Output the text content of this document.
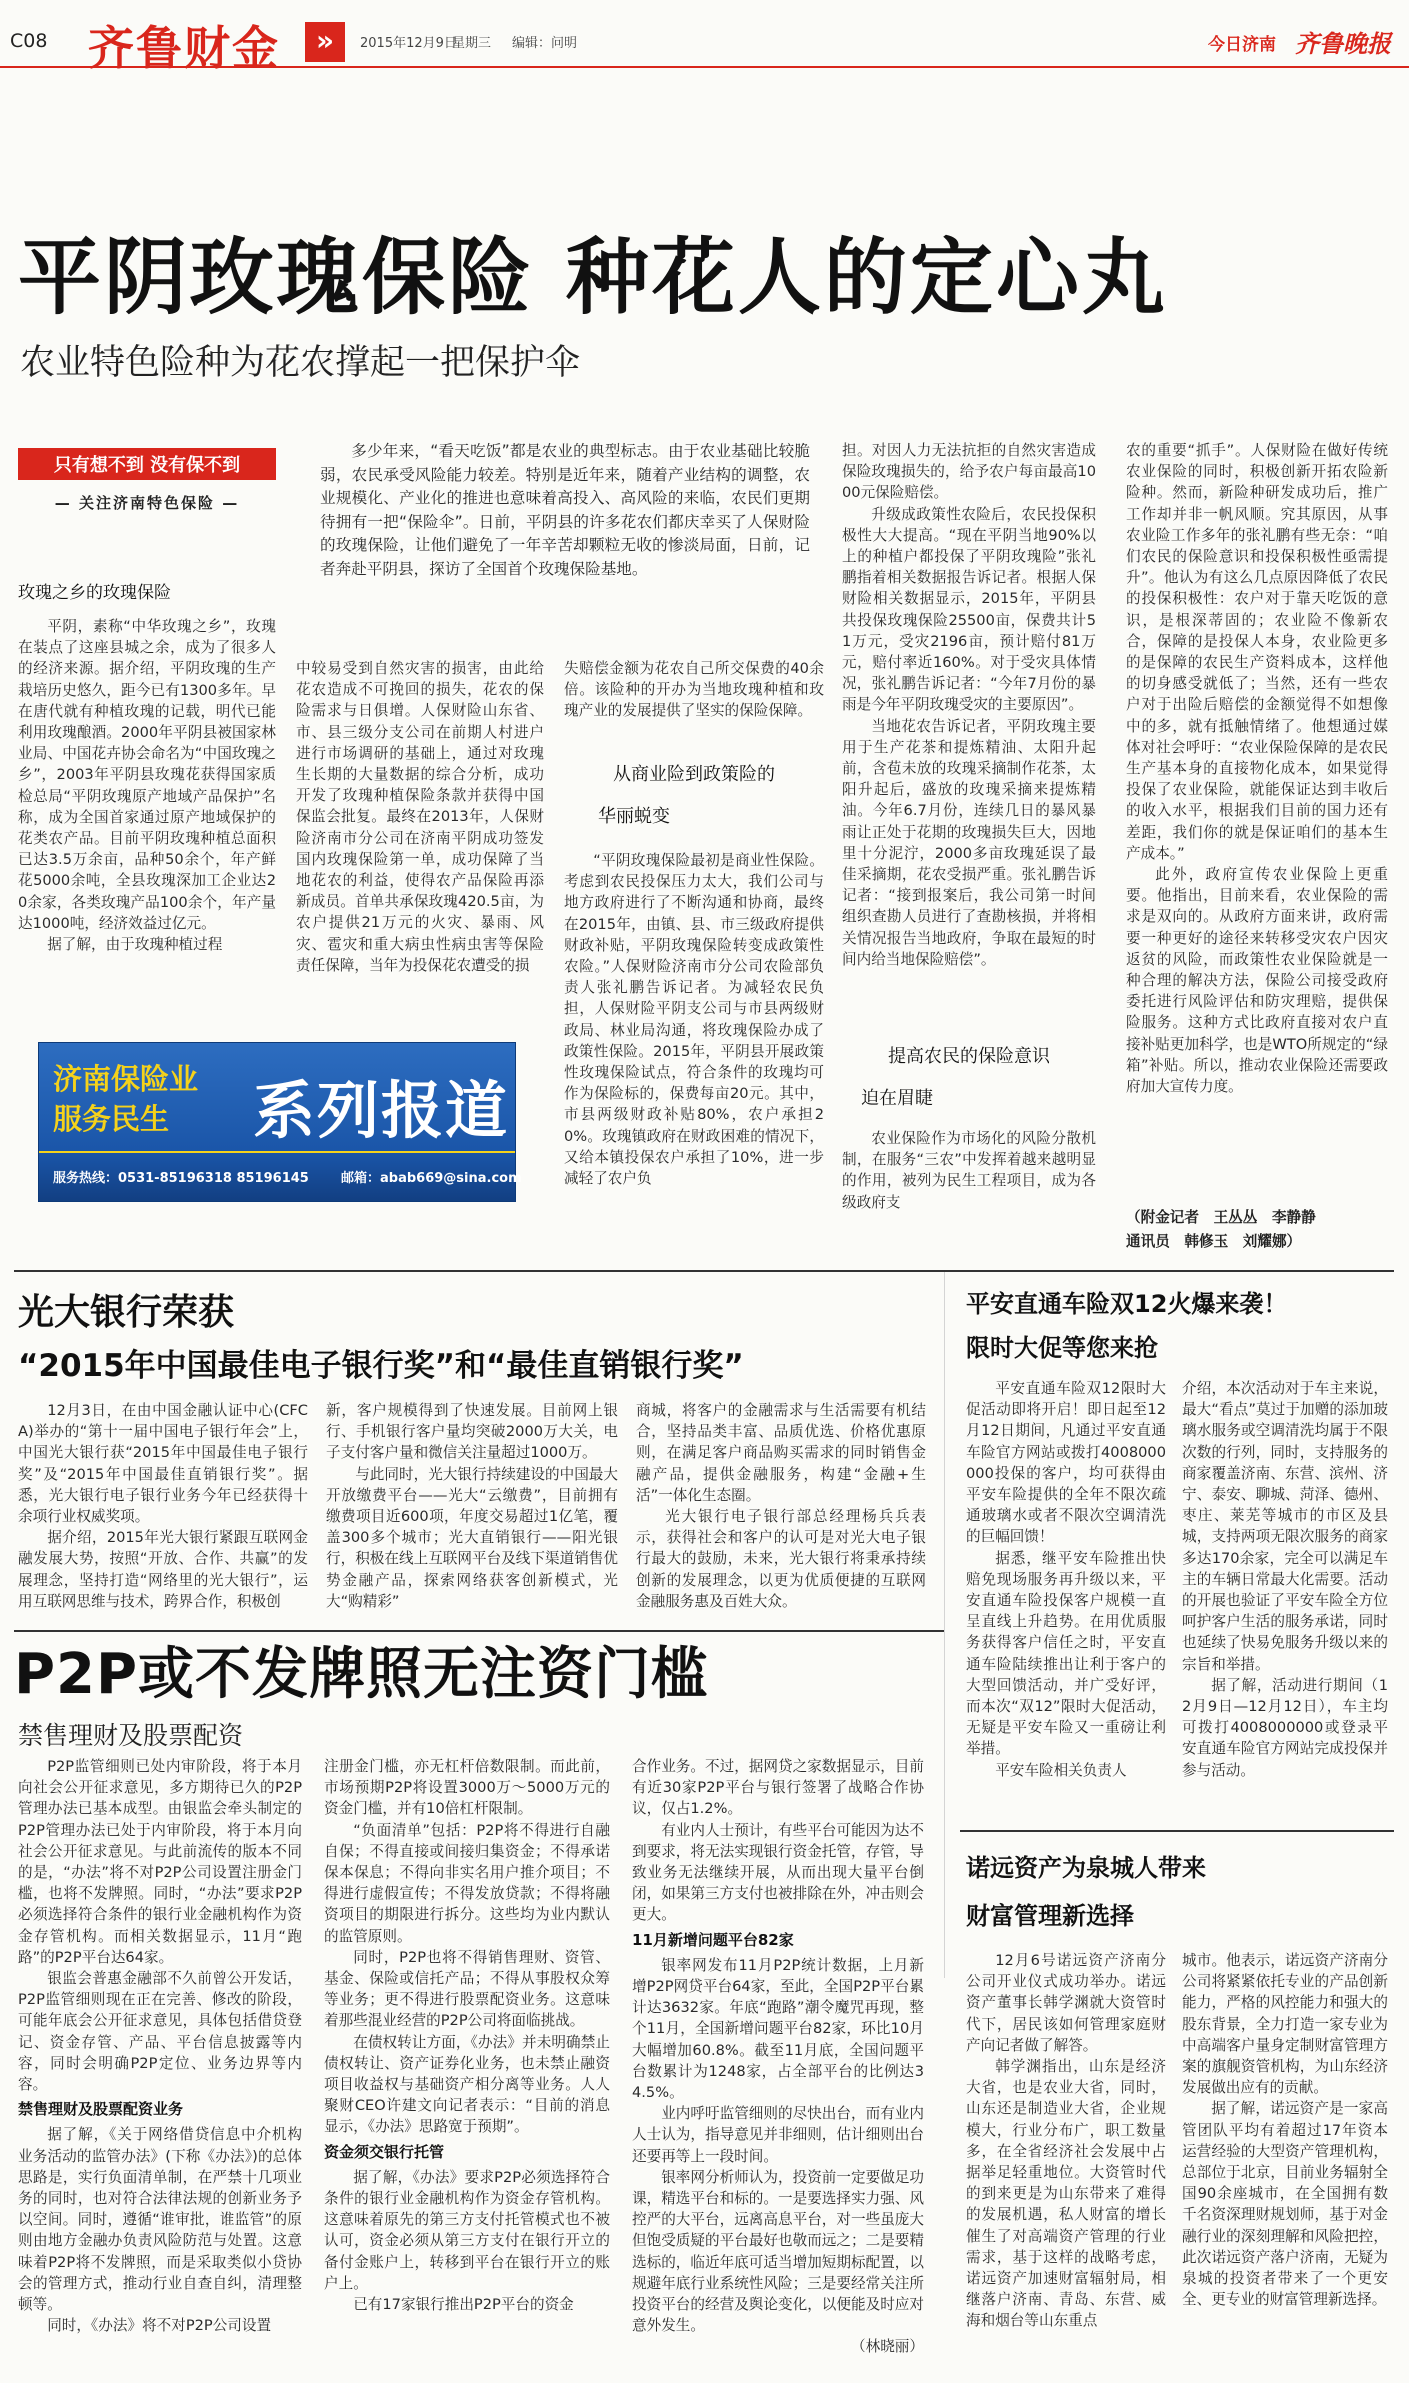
C08 齐鲁财金	»	2015年12月9日
星期三 编辑：问明	今日济南 齐鲁晚报
平阴玫瑰保险 种花人的定心丸
农业特色险种为花农撑起一把保护伞
只有想不到 没有保不到
— 关注济南特色保险 —

多少年来，“看天吃饭”都是农业的典型标志。由于农业基础比较脆弱，农民承受风险能力较差。特别是近年来，随着产业结构的调整，农业规模化、产业化的推进也意味着高投入、高风险的来临，农民们更期待拥有一把“保险伞”。日前，平阴县的许多花农们都庆幸买了人保财险的玫瑰保险，让他们避免了一年辛苦却颗粒无收的惨淡局面，日前，记者奔赴平阴县，探访了全国首个玫瑰保险基地。

玫瑰之乡的玫瑰保险

平阴，素称“中华玫瑰之乡”，玫瑰在装点了这座县城之余，成为了很多人的经济来源。据介绍，平阴玫瑰的生产栽培历史悠久，距今已有1300多年。早在唐代就有种植玫瑰的记载，明代已能利用玫瑰酿酒。2000年平阴县被国家林业局、中国花卉协会命名为“中国玫瑰之乡”，2003年平阴县玫瑰花获得国家质检总局“平阴玫瑰原产地域产品保护”名称，成为全国首家通过原产地域保护的花类农产品。目前平阴玫瑰种植总面积已达3.5万余亩，品种50余个，年产鲜花5000余吨，全县玫瑰深加工企业达20余家，各类玫瑰产品100余个，年产量达1000吨，经济效益过亿元。

据了解，由于玫瑰种植过程

中较易受到自然灾害的损害，由此给花农造成不可挽回的损失，花农的保险需求与日俱增。人保财险山东省、市、县三级分支公司在前期人村进户进行市场调研的基础上，通过对玫瑰生长期的大量数据的综合分析，成功开发了玫瑰种植保险条款并获得中国保监会批复。最终在2013年，人保财险济南市分公司在济南平阴成功签发国内玫瑰保险第一单，成功保障了当地花农的利益，使得农产品保险再添新成员。首单共承保玫瑰420.5亩，为农户提供21万元的火灾、暴雨、风灾、雹灾和重大病虫性病虫害等保险责任保障，当年为投保花农遭受的损

失赔偿金额为花农自己所交保费的40余倍。该险种的开办为当地玫瑰种植和玫瑰产业的发展提供了坚实的保险保障。

从商业险到政策险的
华丽蜕变

“平阴玫瑰保险最初是商业性保险。考虑到农民投保压力太大，我们公司与地方政府进行了不断沟通和协商，最终在2015年，由镇、县、市三级政府提供财政补贴，平阴玫瑰保险转变成政策性农险。”人保财险济南市分公司农险部负责人张礼鹏告诉记者。为减轻农民负担，人保财险平阴支公司与市县两级财政局、林业局沟通，将玫瑰保险办成了政策性保险。2015年，平阴县开展政策性玫瑰保险试点，符合条件的玫瑰均可作为保险标的，保费每亩20元。其中，市县两级财政补贴80%，农户承担20%。玫瑰镇政府在财政困难的情况下，又给本镇投保农户承担了10%，进一步减轻了农户负

担。对因人力无法抗拒的自然灾害造成保险玫瑰损失的，给予农户每亩最高1000元保险赔偿。

升级成政策性农险后，农民投保积极性大大提高。“现在平阴当地90%以上的种植户都投保了平阴玫瑰险”张礼鹏指着相关数据报告诉记者。根据人保财险相关数据显示，2015年，平阴县共投保玫瑰保险25500亩，保费共计51万元，受灾2196亩，预计赔付81万元，赔付率近160%。对于受灾具体情况，张礼鹏告诉记者：“今年7月份的暴雨是今年平阴玫瑰受灾的主要原因”。

当地花农告诉记者，平阴玫瑰主要用于生产花茶和提炼精油、太阳升起前，含苞未放的玫瑰采摘制作花茶，太阳升起后，盛放的玫瑰采摘来提炼精油。今年6.7月份，连续几日的暴风暴雨让正处于花期的玫瑰损失巨大，因地里十分泥泞，2000多亩玫瑰延误了最佳采摘期，花农受损严重。张礼鹏告诉记者：“接到报案后，我公司第一时间组织查勘人员进行了查勘核损，并将相关情况报告当地政府，争取在最短的时间内给当地保险赔偿”。

提高农民的保险意识
迫在眉睫

农业保险作为市场化的风险分散机制，在服务“三农”中发挥着越来越明显的作用，被列为民生工程项目，成为各级政府支

农的重要“抓手”。人保财险在做好传统农业保险的同时，积极创新开拓农险新险种。然而，新险种研发成功后，推广工作却并非一帆风顺。究其原因，从事农业险工作多年的张礼鹏有些无奈：“咱们农民的保险意识和投保积极性亟需提升”。他认为有这么几点原因降低了农民的投保积极性：农户对于靠天吃饭的意识，是根深蒂固的；农业险不像新农合，保障的是投保人本身，农业险更多的是保障的农民生产资料成本，这样他的切身感受就低了；当然，还有一些农户对于出险后赔偿的金额觉得不如想像中的多，就有抵触情绪了。他想通过媒体对社会呼吁：“农业保险保障的是农民生产基本身的直接物化成本，如果觉得投保了农业保险，就能保证达到丰收后的收入水平，根据我们目前的国力还有差距，我们你的就是保证咱们的基本生产成本。”

此外，政府宣传农业保险上更重要。他指出，目前来看，农业保险的需求是双向的。从政府方面来讲，政府需要一种更好的途径来转移受灾农户因灾返贫的风险，而政策性农业保险就是一种合理的解决方法，保险公司接受政府委托进行风险评估和防灾理赔，提供保险服务。这种方式比政府直接对农户直接补贴更加科学，也是WTO所规定的“绿箱”补贴。所以，推动农业保险还需要政府加大宣传力度。

（附金记者　王丛丛　李静静
通讯员　韩修玉　刘耀娜）
济南保险业
服务民生 系列报道
服务热线：0531-85196318 85196145 邮箱：abab669@sina.com
光大银行荣获
“2015年中国最佳电子银行奖”和“最佳直销银行奖”

12月3日，在由中国金融认证中心(CFCA)举办的“第十一届中国电子银行年会”上，中国光大银行获“2015年中国最佳电子银行奖”及“2015年中国最佳直销银行奖”。据悉，光大银行电子银行业务今年已经获得十余项行业权威奖项。

据介绍，2015年光大银行紧跟互联网金融发展大势，按照“开放、合作、共赢”的发展理念，坚持打造“网络里的光大银行”，运用互联网思维与技术，跨界合作，积极创

新，客户规模得到了快速发展。目前网上银行、手机银行客户量均突破2000万大关，电子支付客户量和微信关注量超过1000万。

与此同时，光大银行持续建设的中国最大开放缴费平台——光大“云缴费”，目前拥有缴费项目近600项，年度交易超过1亿笔，覆盖300多个城市；光大直销银行——阳光银行，积极在线上互联网平台及线下渠道销售优势金融产品，探索网络获客创新模式，光大“购精彩”

商城，将客户的金融需求与生活需要有机结合，坚持品类丰富、品质优选、价格优惠原则，在满足客户商品购买需求的同时销售金融产品，提供金融服务，构建“金融+生活”一体化生态圈。

光大银行电子银行部总经理杨兵兵表示，获得社会和客户的认可是对光大电子银行最大的鼓励，未来，光大银行将秉承持续创新的发展理念，以更为优质便捷的互联网金融服务惠及百姓大众。

平安直通车险双12火爆来袭！
限时大促等您来抢

平安直通车险双12限时大促活动即将开启！即日起至12月12日期间，凡通过平安直通车险官方网站或拨打4008000000投保的客户，均可获得由平安车险提供的全年不限次疏通玻璃水或者不限次空调清洗的巨幅回馈！

据悉，继平安车险推出快赔免现场服务再升级以来，平安直通车险投保客户规模一直呈直线上升趋势。在用优质服务获得客户信任之时，平安直通车险陆续推出让利于客户的大型回馈活动，并广受好评，而本次“双12”限时大促活动，无疑是平安车险又一重磅让利举措。

平安车险相关负责人

介绍，本次活动对于车主来说，最大“看点”莫过于加赠的添加玻璃水服务或空调清洗均属于不限次数的行列，同时，支持服务的商家覆盖济南、东营、滨州、济宁、泰安、聊城、菏泽、德州、枣庄、莱芜等城市的市区及县城，支持两项无限次服务的商家多达170余家，完全可以满足车主的车辆日常最大化需要。活动的开展也验证了平安车险全方位呵护客户生活的服务承诺，同时也延续了快易免服务升级以来的宗旨和举措。

据了解，活动进行期间（12月9日—12月12日），车主均可拨打4008000000或登录平安直通车险官方网站完成投保并参与活动。

P2P或不发牌照无注资门槛
禁售理财及股票配资

P2P监管细则已处内审阶段，将于本月向社会公开征求意见，多方期待已久的P2P管理办法已基本成型。由银监会牵头制定的P2P管理办法已处于内审阶段，将于本月向社会公开征求意见。与此前流传的版本不同的是，“办法”将不对P2P公司设置注册金门槛，也将不发牌照。同时，“办法”要求P2P必须选择符合条件的银行业金融机构作为资金存管机构。而相关数据显示，11月“跑路”的P2P平台达64家。

银监会普惠金融部不久前曾公开发话，P2P监管细则现在正在完善、修改的阶段，可能年底会公开征求意见，具体包括借贷登记、资金存管、产品、平台信息披露等内容，同时会明确P2P定位、业务边界等内容。

禁售理财及股票配资业务

据了解，《关于网络借贷信息中介机构业务活动的监管办法》(下称《办法》)的总体思路是，实行负面清单制，在严禁十几项业务的同时，也对符合法律法规的创新业务予以空间。同时，遵循“谁审批，谁监管”的原则由地方金融办负责风险防范与处置。这意味着P2P将不发牌照，而是采取类似小贷协会的管理方式，推动行业自查自纠，清理整顿等。

同时，《办法》将不对P2P公司设置

注册金门槛，亦无杠杆倍数限制。而此前，市场预期P2P将设置3000万～5000万元的资金门槛，并有10倍杠杆限制。

“负面清单”包括：P2P将不得进行自融自保；不得直接或间接归集资金；不得承诺保本保息；不得向非实名用户推介项目；不得进行虚假宣传；不得发放贷款；不得将融资项目的期限进行拆分。这些均为业内默认的监管原则。

同时，P2P也将不得销售理财、资管、基金、保险或信托产品；不得从事股权众筹等业务；更不得进行股票配资业务。这意味着那些混业经营的P2P公司将面临挑战。

在债权转让方面，《办法》并未明确禁止债权转让、资产证券化业务，也未禁止融资项目收益权与基础资产相分离等业务。人人聚财CEO许建文向记者表示：“目前的消息显示，《办法》思路宽于预期”。

资金须交银行托管

据了解，《办法》要求P2P必须选择符合条件的银行业金融机构作为资金存管机构。这意味着原先的第三方支付托管模式也不被认可，资金必须从第三方支付在银行开立的备付金账户上，转移到平台在银行开立的账户上。

已有17家银行推出P2P平台的资金

合作业务。不过，据网贷之家数据显示，目前有近30家P2P平台与银行签署了战略合作协议，仅占1.2%。

有业内人士预计，有些平台可能因为达不到要求，将无法实现银行资金托管，存管，导致业务无法继续开展，从而出现大量平台倒闭，如果第三方支付也被排除在外，冲击则会更大。

11月新增问题平台82家

银率网发布11月P2P统计数据，上月新增P2P网贷平台64家，至此，全国P2P平台累计达3632家。年底“跑路”潮令魔咒再现，整个11月，全国新增问题平台82家，环比10月大幅增加60.8%。截至11月底，全国问题平台数累计为1248家，占全部平台的比例达34.5%。

业内呼吁监管细则的尽快出台，而有业内人士认为，指导意见并非细则，估计细则出台还要再等上一段时间。

银率网分析师认为，投资前一定要做足功课，精选平台和标的。一是要选择实力强、风控严的大平台，远离高息平台，对一些虽庞大但饱受质疑的平台最好也敬而远之；二是要精选标的，临近年底可适当增加短期标配置，以规避年底行业系统性风险；三是要经常关注所投资平台的经营及舆论变化，以便能及时应对意外发生。

（林晓丽）

诺远资产为泉城人带来
财富管理新选择

12月6号诺远资产济南分公司开业仪式成功举办。诺远资产董事长韩学渊就大资管时代下，居民该如何管理家庭财产向记者做了解答。

韩学渊指出，山东是经济大省，也是农业大省，同时，山东还是制造业大省，企业规模大，行业分布广，职工数量多，在全省经济社会发展中占据举足轻重地位。大资管时代的到来更是为山东带来了难得的发展机遇，私人财富的增长催生了对高端资产管理的行业需求，基于这样的战略考虑，诺远资产加速财富辐射局，相继落户济南、青岛、东营、威海和烟台等山东重点

城市。他表示，诺远资产济南分公司将紧紧依托专业的产品创新能力，严格的风控能力和强大的股东背景，全力打造一家专业为中高端客户量身定制财富管理方案的旗舰资管机构，为山东经济发展做出应有的贡献。

据了解，诺远资产是一家高管团队平均有着超过17年资本运营经验的大型资产管理机构，总部位于北京，目前业务辐射全国90余座城市，在全国拥有数千名资深理财规划师，基于对金融行业的深刻理解和风险把控，此次诺远资产落户济南，无疑为泉城的投资者带来了一个更安全、更专业的财富管理新选择。
